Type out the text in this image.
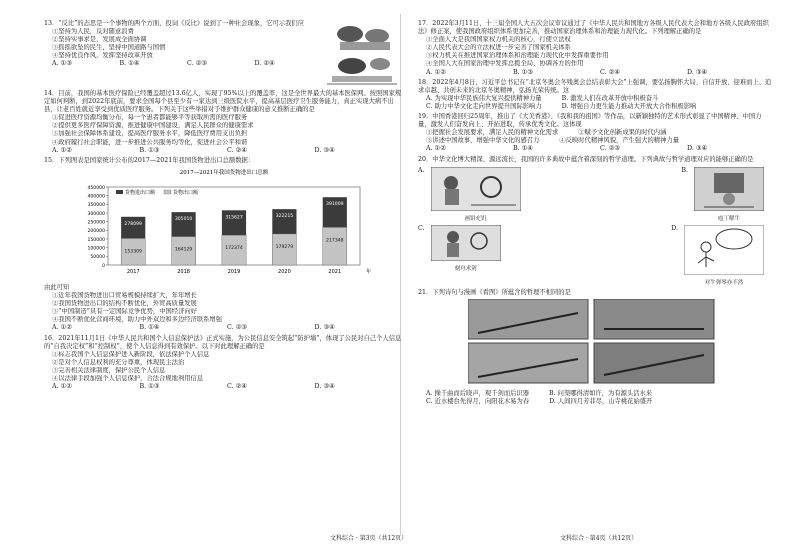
13．“反比”的态思是一个事物的两个方面，投词《反比》说到了一种社会现象，它可示我们应
①坚持为人民，反对随意浪费
②坚持实事求是，发展成全面协调
③摇摇欲坠的民生，坚持中国道路与国情
④坚持优良作风，发挥坚持改革开放
A. ①③	B. ①④	C. ②③	D. ②④
14．目前，我国的基本医疗保险已经覆盖超过13.6亿人，实现了95%以上的覆盖率，这是全世界最大的基本医保网。按照国家规定如何判断，到2022年底前，要求全国每个县至少有一家达到三级医院水平，提高基层医疗卫生服务能力，真正实现大病不出县，让老百姓就近享受到优质医疗服务。下列关于这些举措对于维护群众健康的意义推断正确的是
①促进医疗资源均衡分布，每一个患者都能够平等获取所需的医疗服务
②提供更多医疗保障资源，推进健康中国建设，满足人民群众的健康需求
③加强社会保障体系建设，提高医疗服务水平，降低医疗费用支出负担
④政府履行社会职能，进一步推进公共服务均等化，促进社会公平和谐
A. ①②	B. ①③	C. ②④	D. ③④
15．下列图表是国家统计公布的2017—2021年我国货物进出口总额数据：
2017—2021年我国货物进出口总额
货物进出口额	货物出口额
0
50000
100000
150000
200000
250000
300000
350000
400000
450000
278099
153309
2017
305010
164129
2018
315627
172374
2019
322215
179279
2020
391009
217348
2021	年
由此可知
①近年我国货物进出口贸易规模持续扩大，年年增长
②我国货物进出口的结构不断优化，外贸高质量发展
③“中国制造”具有一定国际竞争优势，中国经济向好
④我国不断优化营商环境，助力中外双边和多边经济联系增强
A. ①②	B. ①④	C. ②③	D. ③④
16．2021年11月1日《中华人民共和国个人信息保护法》正式实施，为公民信息安全筑起“防护墙”，体现了公民对自己个人信息的“自我决定权”和“控制权”，使个人信息得到有效保护。以下对此理解正确的是
①标志我国个人信息保护进入新阶段，依法保护个人信息
②是对个人信息权利的充分尊重，体现民主法治
③完善相关法律制度，保护公民个人信息
④以法律手段加强个人信息保护，合法合规地利用信息
A. ①②	B. ①③	C. ②④	D. ③④
文科综合 · 第3页（共12页）
17．2022年3月11日，十三届全国人大五次会议审议通过了《中华人民共和国地方各级人民代表大会和地方各级人民政府组织法》修正案，使我国政府组织体系更加完善，推动国家治理体系和治理能力现代化。下列理解正确的是
①全面人大是我国国家权力机关的核心，行使立法权
②人民代表大会的立法权进一步完善了国家机关体系
③权力机关在推进国家治理体系和治理能力现代化中发挥重要作用
④全国人大在国家治理中发挥总揽全局、协调各方的作用
A. ①②	B. ①③	C. ②④	D. ③④
18．2022年4月8日，习近平总书记在“北京冬奥会冬残奥会总结表彰大会”上强调，要弘扬胸怀大局、自信开放、迎难而上、追求卓越、共创未来的北京冬奥精神，弘扬光荣传统。这
A. 为实现中华民族伟大复兴提供精神力量	B. 激发人们在改革开放中积极奋斗
C. 助力中华文化走向世界提升国际影响力	D. 增强自力更生能力推动大开放大合作积极影响
19．中国香港回归25周年，推出了《大美香港》、《我和我的祖国》等作品，以新颖独特的艺术形式彰显了中国精神、中国力量，激发人们奋发向上、开拓进取，传承优秀文化。这体现
①把握社会发展要求，满足人民的精神文化需求	②赋予文化创新成果的时代内涵
③讲述中国故事，增强中华文化的感召力	④反映时代精神风貌，产生强大的精神力量
A. ①②	B. ①④	C. ②③	D. ③④
20．中华文化博大精深、源远流长，我国的许多典故中蕴含着深刻的哲学道理。下列典故与哲学道理对应的能够正确的是
A.
画饼充饥
B.
庖丁解牛
C.
刻舟求剑
D.
对牛弹琴亦不然
21．下列诗句与漫画《看图》所蕴含的哲理不相同的是
A. 操千曲而后晓声，观千剑而后识器	B. 问渠哪得清如许，为有源头活水来
C. 近水楼台先得月，向阳花木易为春	D. 人间四月芳菲尽，山寺桃花始盛开
文科综合 · 第4页（共12页）
